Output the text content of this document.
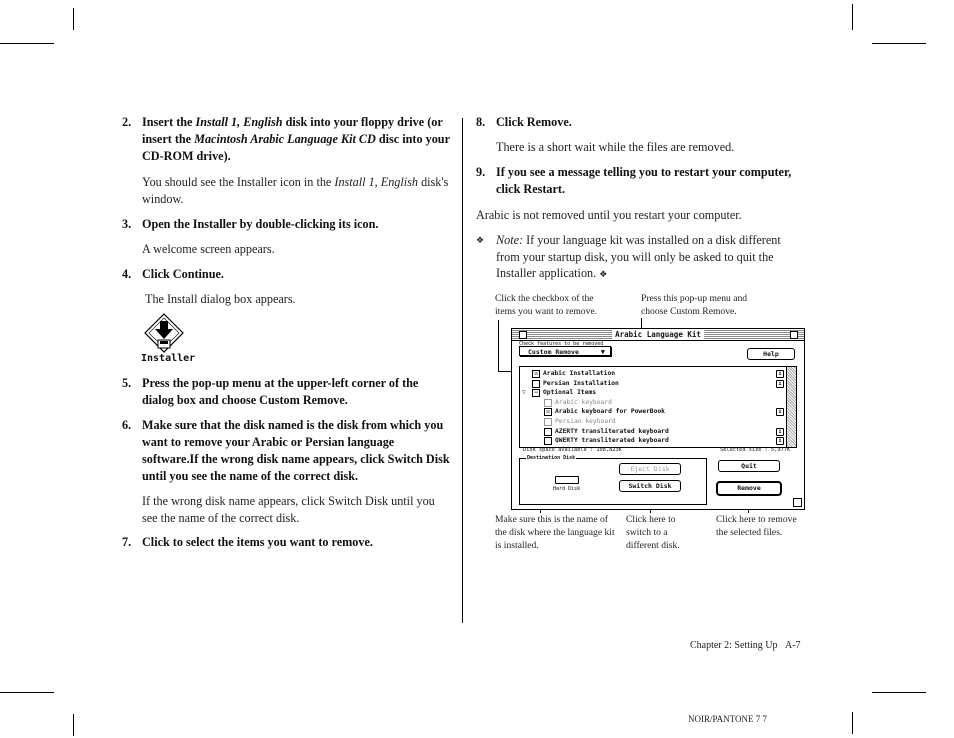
2. Insert the Install 1, English disk into your floppy drive (or insert the Macintosh Arabic Language Kit CD disc into your CD-ROM drive).

You should see the Installer icon in the Install 1, English disk's window.

3. Open the Installer by double-clicking its icon.

A welcome screen appears.

4. Click Continue.

The Install dialog box appears.

Installer

5. Press the pop-up menu at the upper-left corner of the dialog box and choose Custom Remove.

6. Make sure that the disk named is the disk from which you want to remove your Arabic or Persian language software.If the wrong disk name appears, click Switch Disk until you see the name of the correct disk.

If the wrong disk name appears, click Switch Disk until you see the name of the correct disk.

7. Click to select the items you want to remove.

8. Click Remove.

There is a short wait while the files are removed.

9. If you see a message telling you to restart your computer, click Restart.

Arabic is not removed until you restart your computer.

❖ Note: If your language kit was installed on a disk different from your startup disk, you will only be asked to quit the Installer application. ❖

Click the checkbox of the items you want to remove.
Press this pop-up menu and choose Custom Remove.
Arabic Language Kit
Check features to be removed
Custom Remove	▼	Help
☒ Arabic Installation	i
Persian Installation	i
▽	− Optional Items
Arabic keyboard
☒ Arabic keyboard for PowerBook	i
Persian keyboard
AZERTY transliterated keyboard	i
QWERTY transliterated keyboard	i
Disk space available : 108,823K	Selected size : 5,977K
Destination Disk
Hard Disk
Eject Disk
Switch Disk
Quit
Remove
Make sure this is the name of the disk where the language kit is installed.
Click here to switch to a different disk.
Click here to remove the selected files.
Chapter 2: Setting Up A-7
NOIR/PANTONE 7 7
